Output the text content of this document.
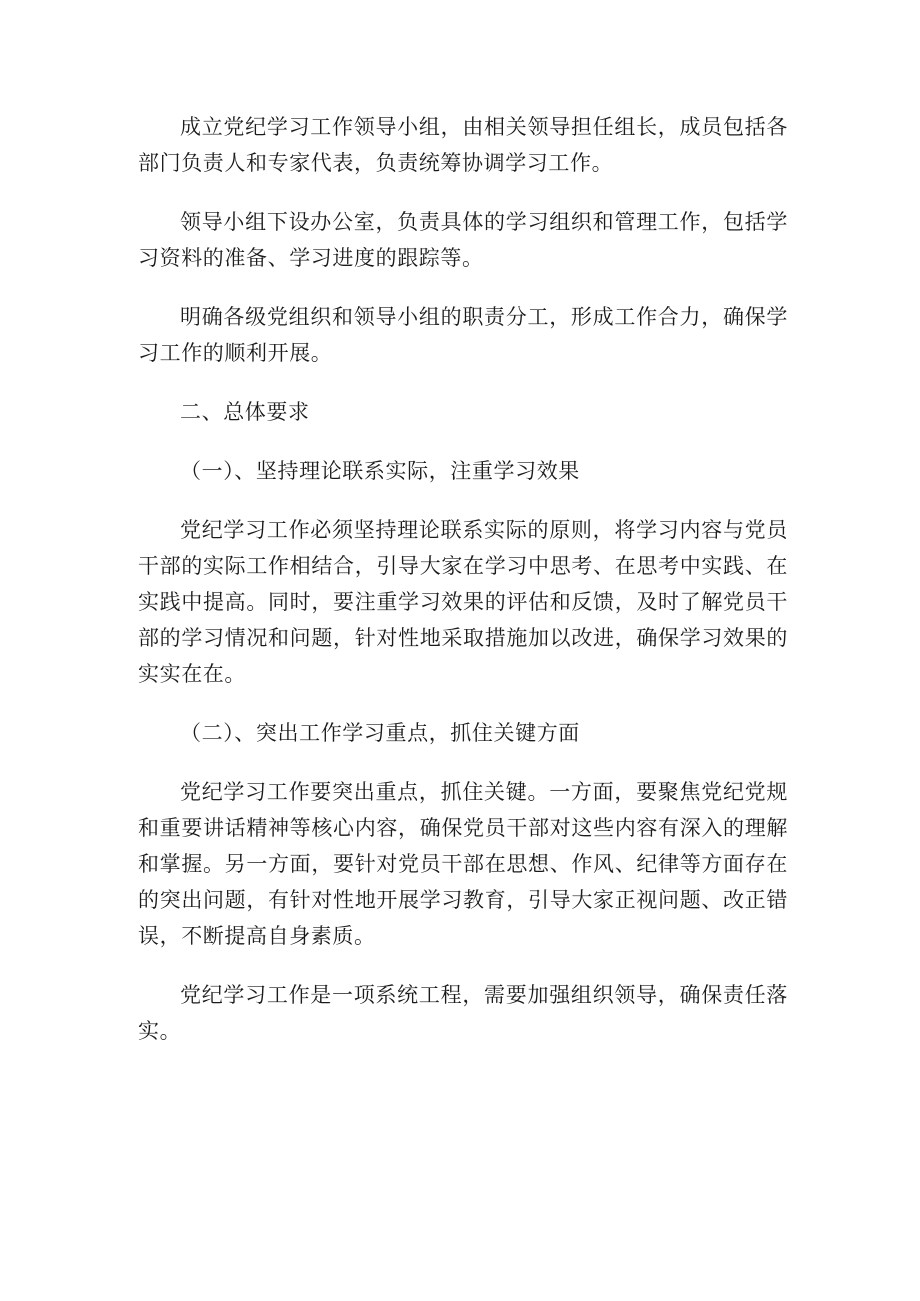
成立党纪学习工作领导小组，由相关领导担任组长，成员包括各部门负责人和专家代表，负责统筹协调学习工作。

领导小组下设办公室，负责具体的学习组织和管理工作，包括学习资料的准备、学习进度的跟踪等。

明确各级党组织和领导小组的职责分工，形成工作合力，确保学习工作的顺利开展。

二、总体要求

（一）、坚持理论联系实际，注重学习效果

党纪学习工作必须坚持理论联系实际的原则，将学习内容与党员干部的实际工作相结合，引导大家在学习中思考、在思考中实践、在实践中提高。同时，要注重学习效果的评估和反馈，及时了解党员干部的学习情况和问题，针对性地采取措施加以改进，确保学习效果的实实在在。

（二）、突出工作学习重点，抓住关键方面

党纪学习工作要突出重点，抓住关键。一方面，要聚焦党纪党规和重要讲话精神等核心内容，确保党员干部对这些内容有深入的理解和掌握。另一方面，要针对党员干部在思想、作风、纪律等方面存在的突出问题，有针对性地开展学习教育，引导大家正视问题、改正错误，不断提高自身素质。

党纪学习工作是一项系统工程，需要加强组织领导，确保责任落实。
